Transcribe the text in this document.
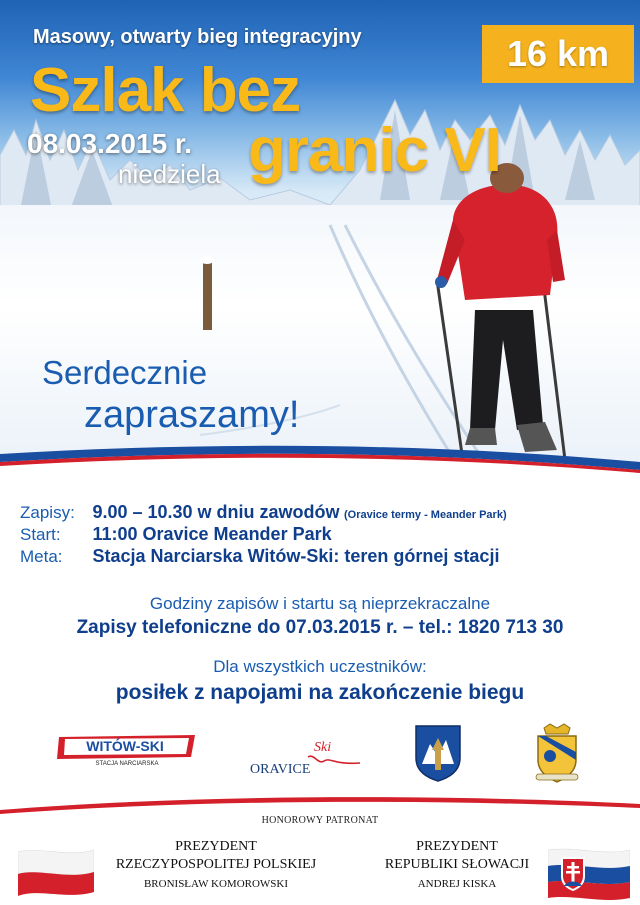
Masowy, otwarty bieg integracyjny	16 km
Szlak bez
granic VI
08.03.2015 r.
niedziela
Serdecznie
zapraszamy!
Zapisy: 9.00 – 10.30 w dniu zawodów (Oravice termy - Meander Park)
Start: 11:00 Oravice Meander Park
Meta: Stacja Narciarska Witów-Ski: teren górnej stacji
Godziny zapisów i startu są nieprzekraczalne
Zapisy telefoniczne do 07.03.2015 r. – tel.: 1820 713 30
Dla wszystkich uczestników:
posiłek z napojami na zakończenie biegu
WITÓW-SKI
STACJA NARCIARSKA	ORAVICE
Ski
HONOROWY PATRONAT
PREZYDENT
RZECZYPOSPOLITEJ POLSKIEJ
BRONISŁAW KOMOROWSKI
PREZYDENT
REPUBLIKI SŁOWACJI
ANDREJ KISKA
